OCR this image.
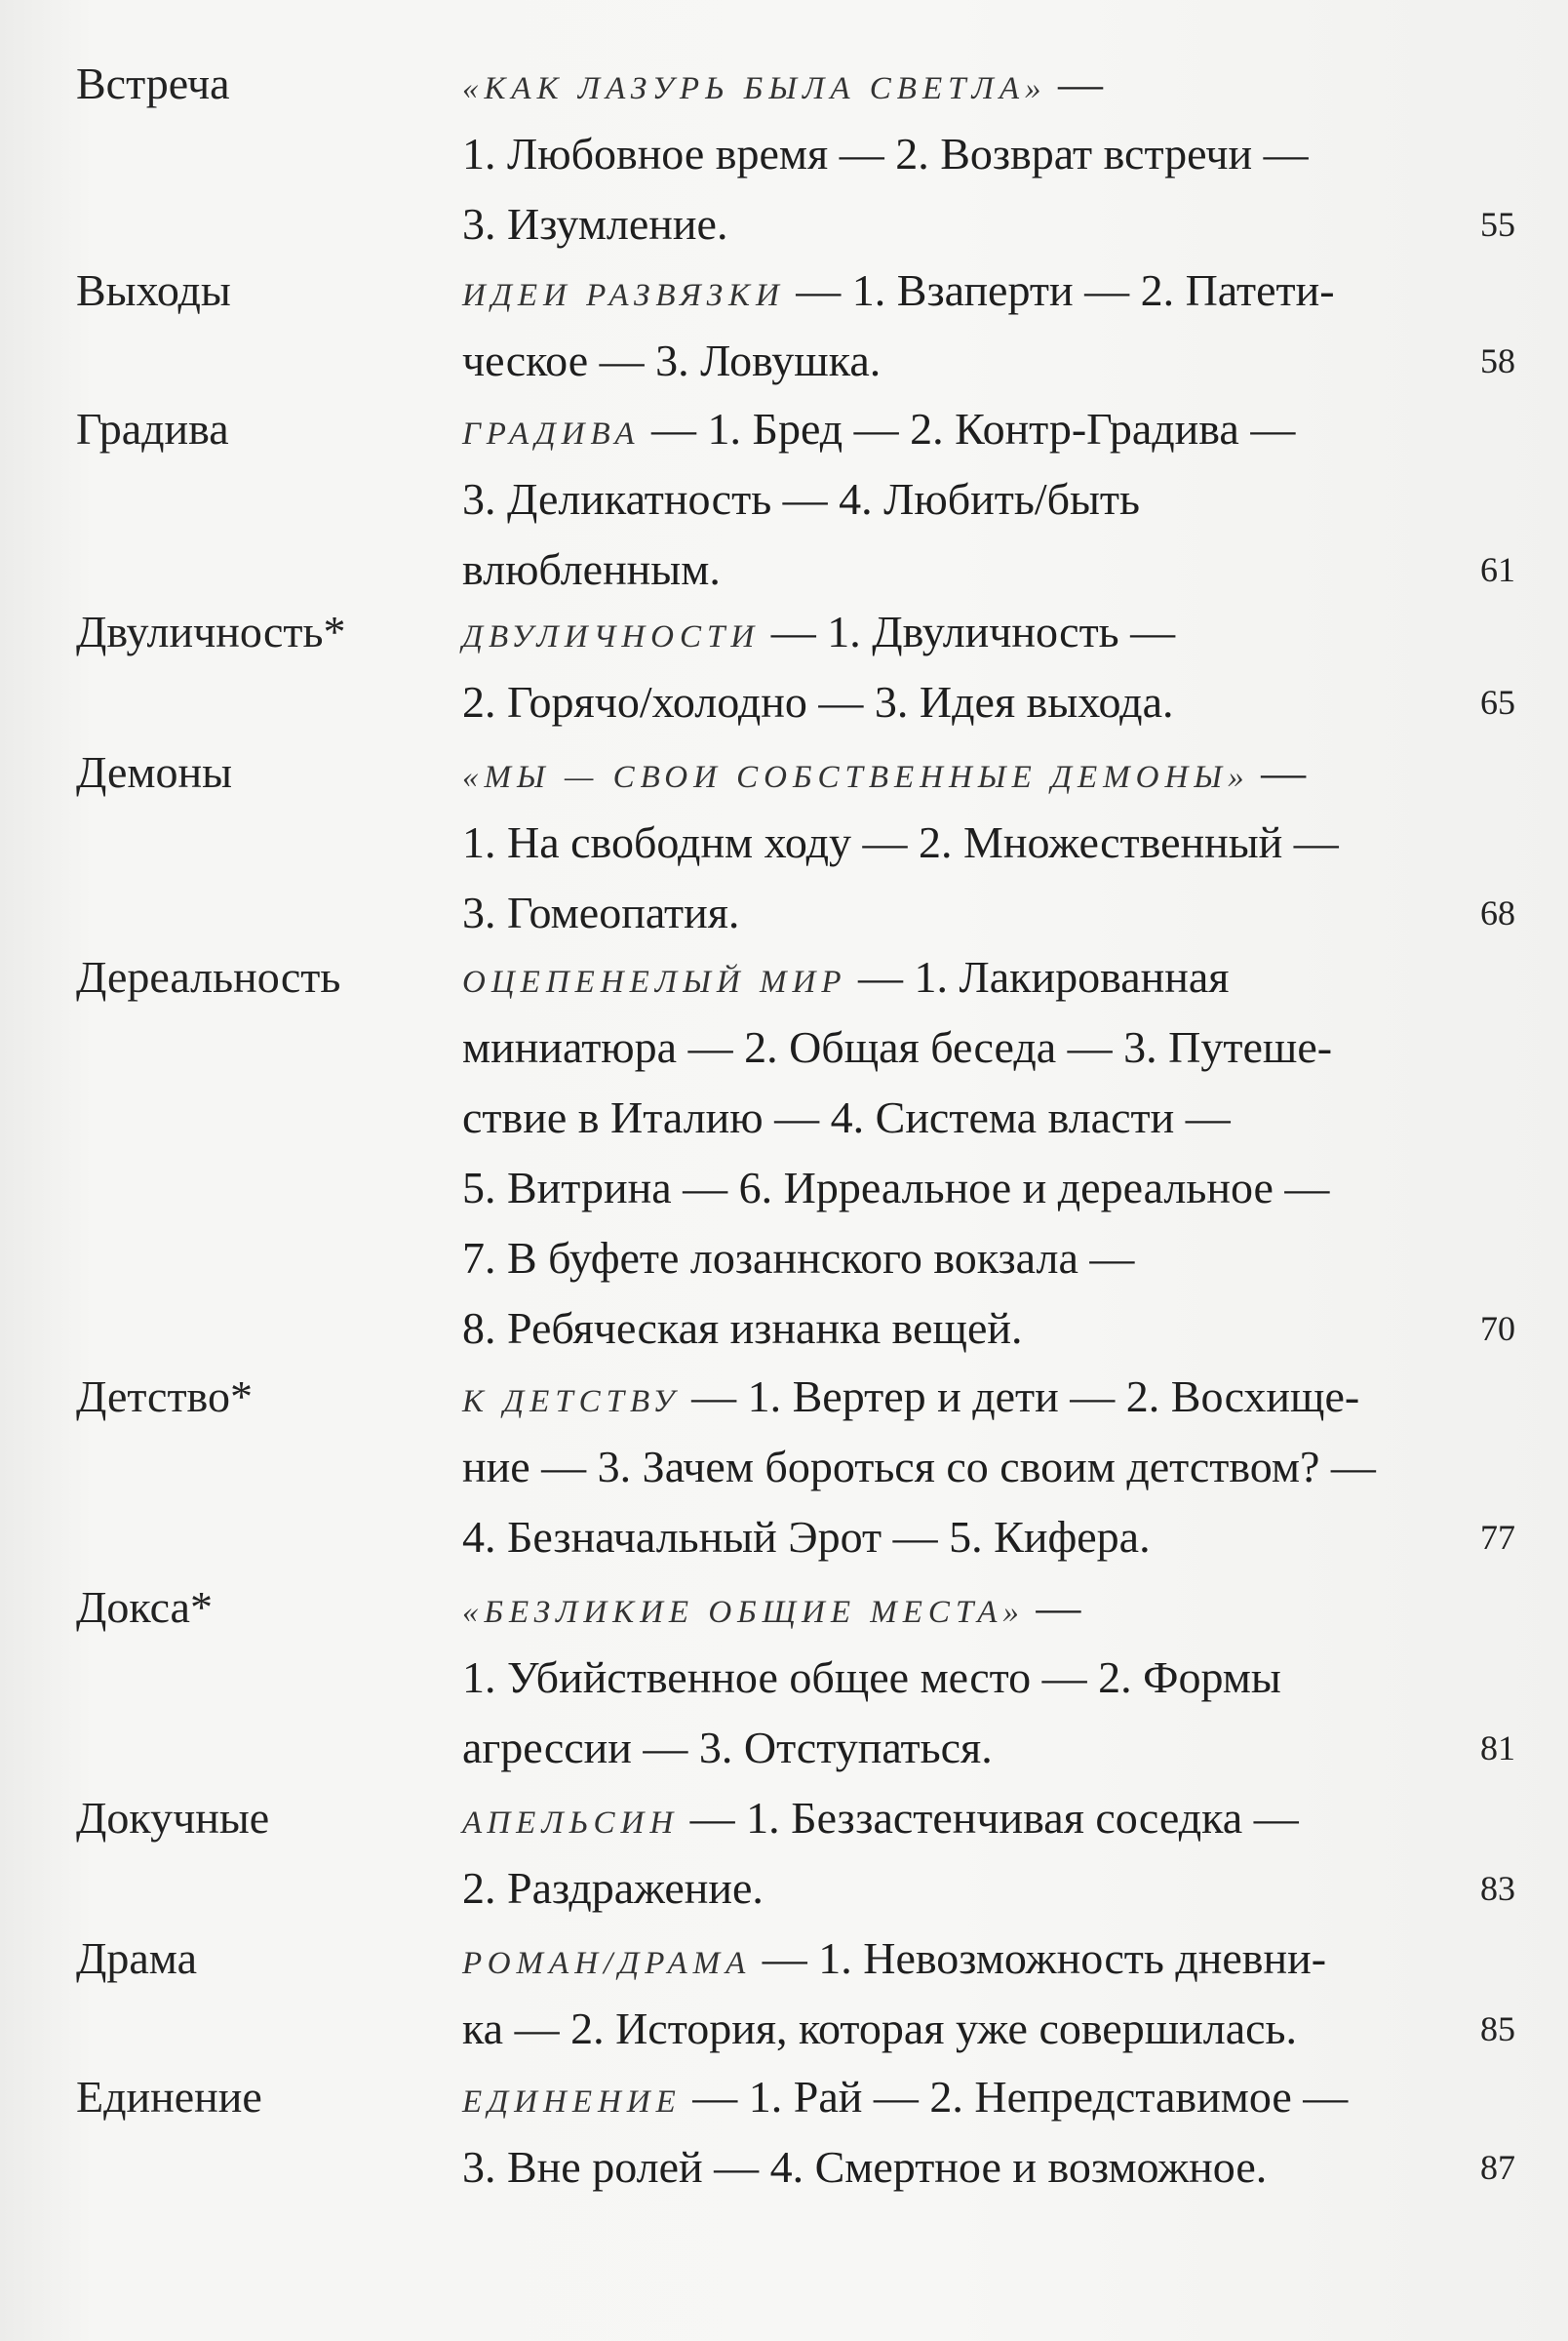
Встреча	«КАК ЛАЗУРЬ БЫЛА СВЕТЛА» —
1. Любовное время — 2. Возврат встречи —
3. Изумление.	55
Выходы	ИДЕИ РАЗВЯЗКИ — 1. Взаперти — 2. Патети-
ческое — 3. Ловушка.	58
Градива	ГРАДИВА — 1. Бред — 2. Контр-Градива —
3. Деликатность — 4. Любить/быть
влюбленным.	61
Двуличность*	ДВУЛИЧНОСТИ — 1. Двуличность —
2. Горячо/холодно — 3. Идея выхода.	65
Демоны	«МЫ — СВОИ СОБСТВЕННЫЕ ДЕМОНЫ» —
1. На свободнм ходу — 2. Множественный —
3. Гомеопатия.	68
Дереальность	ОЦЕПЕНЕЛЫЙ МИР — 1. Лакированная
миниатюра — 2. Общая беседа — 3. Путеше-
ствие в Италию — 4. Система власти —
5. Витрина — 6. Ирреальное и дереальное —
7. В буфете лозаннского вокзала —
8. Ребяческая изнанка вещей.	70
Детство*	К ДЕТСТВУ — 1. Вертер и дети — 2. Восхище-
ние — 3. Зачем бороться со своим детством? —
4. Безначальный Эрот — 5. Кифера.	77
Докса*	«БЕЗЛИКИЕ ОБЩИЕ МЕСТА» —
1. Убийственное общее место — 2. Формы
агрессии — 3. Отступаться.	81
Докучные	АПЕЛЬСИН — 1. Беззастенчивая соседка —
2. Раздражение.	83
Драма	РОМАН/ДРАМА — 1. Невозможность дневни-
ка — 2. История, которая уже совершилась.	85
Единение	ЕДИНЕНИЕ — 1. Рай — 2. Непредставимое —
3. Вне ролей — 4. Смертное и возможное.	87
